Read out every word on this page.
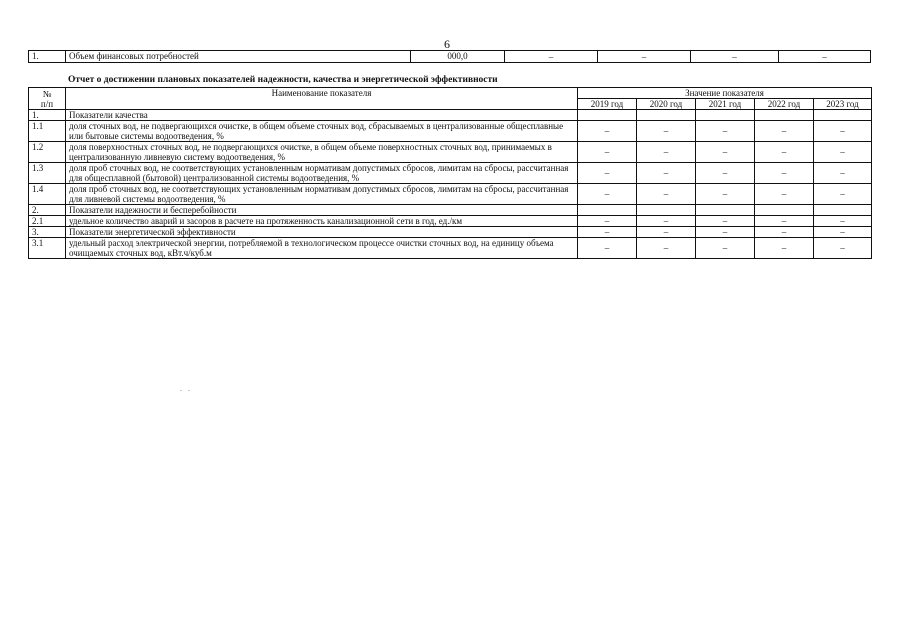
6
1.	Объем финансовых потребностей	000,0	–	–	–	–
Отчет о достижении плановых показателей надежности, качества и энергетической эффективности
№
п/п	Наименование показателя	Значение показателя				
		2019 год	2020 год	2021 год	2022 год	2023 год
1.	Показатели качества					
1.1	доля сточных вод, не подвергающихся очистке, в общем объеме сточных вод, сбрасываемых в централизованные общесплавные или бытовые системы водоотведения, %	–	–	–	–	–
1.2	доля поверхностных сточных вод, не подвергающихся очистке, в общем объеме поверхностных сточных вод, принимаемых в централизованную ливневую систему водоотведения, %	–	–	–	–	–
1.3	доля проб сточных вод, не соответствующих установленным нормативам допустимых сбросов, лимитам на сбросы, рассчитанная для общесплавной (бытовой) централизованной системы водоотведения, %	–	–	–	–	–
1.4	доля проб сточных вод, не соответствующих установленным нормативам допустимых сбросов, лимитам на сбросы, рассчитанная для ливневой системы водоотведения, %	–	–	–	–	–
2.	Показатели надежности и бесперебойности					
2.1	удельное количество аварий и засоров в расчете на протяженность канализационной сети в год, ед./км	–	–	–	–	–
3.	Показатели энергетической эффективности	–	–	–	–	–
3.1	удельный расход электрической энергии, потребляемой в технологическом процессе очистки сточных вод, на единицу объема очищаемых сточных вод, кВт.ч/куб.м	–	–	–	–	–
.   .
